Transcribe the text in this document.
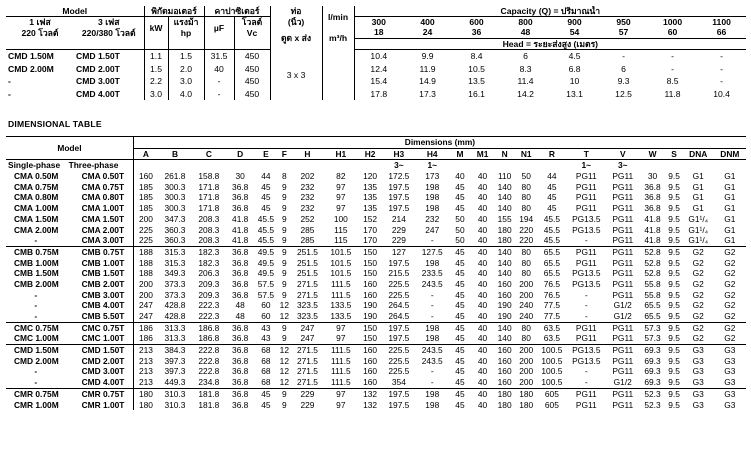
Model		พิกัดมอเตอร์		คาปาซิเตอร์		ท่อ	l/min	Capacity (Q) = ปริมาณน้ำ							
1 เฟส	3 เฟส	kW	แรงม้า	µF	โวลต์	(นิ้ว)		300	400	600	800	900	950	1000	1100
220 โวลต์	220/380 โวลต์		hp		Vc	ดูด x ส่ง	m³/h	18	24	36	48	54	57	60	66
								Head = ระยะส่งสูง (เมตร)							
CMD 1.50M	CMD 1.50T	1.1	1.5	31.5	450	3 x 3		10.4	9.9	8.4	6	4.5	-	-	-
CMD 2.00M	CMD 2.00T	1.5	2.0	40	450			12.4	11.9	10.5	8.3	6.8	6	-	-
-	CMD 3.00T	2.2	3.0	-	450			15.4	14.9	13.5	11.4	10	9.3	8.5	-
-	CMD 4.00T	3.0	4.0	-	450			17.8	17.3	16.1	14.2	13.1	12.5	11.8	10.4
DIMENSIONAL TABLE
Model		Dimensions (mm)																					
		A	B	C	D	E	F	H	H1	H2	H3	H4	M	M1	N	N1	R	T	V	W	S	DNA	DNM
Single-phase	Three-phase										3~	1~						1~	3~				
CMA 0.50M	CMA 0.50T	160	261.8	158.8	30	44	8	202	82	120	172.5	173	40	40	110	50	44	PG11	PG11	30	9.5	G1	G1
CMA 0.75M	CMA 0.75T	185	300.3	171.8	36.8	45	9	232	97	135	197.5	198	45	40	140	80	45	PG11	PG11	36.8	9.5	G1	G1
CMA 0.80M	CMA 0.80T	185	300.3	171.8	36.8	45	9	232	97	135	197.5	198	45	40	140	80	45	PG11	PG11	36.8	9.5	G1	G1
CMA 1.00M	CMA 1.00T	185	300.3	171.8	36.8	45	9	232	97	135	197.5	198	45	40	140	80	45	PG11	PG11	36.8	9.5	G1	G1
CMA 1.50M	CMA 1.50T	200	347.3	208.3	41.8	45.5	9	252	100	152	214	232	50	40	155	194	45.5	PG13.5	PG11	41.8	9.5	G1¹/₄	G1
CMA 2.00M	CMA 2.00T	225	360.3	208.3	41.8	45.5	9	285	115	170	229	247	50	40	180	220	45.5	PG13.5	PG11	41.8	9.5	G1¹/₄	G1
-	CMA 3.00T	225	360.3	208.3	41.8	45.5	9	285	115	170	229	-	50	40	180	220	45.5	-	PG11	41.8	9.5	G1¹/₄	G1
CMB 0.75M	CMB 0.75T	188	315.3	182.3	36.8	49.5	9	251.5	101.5	150	127	127.5	45	40	140	80	65.5	PG11	PG11	52.8	9.5	G2	G2
CMB 1.00M	CMB 1.00T	188	315.3	182.3	36.8	49.5	9	251.5	101.5	150	197.5	198	45	40	140	80	65.5	PG11	PG11	52.8	9.5	G2	G2
CMB 1.50M	CMB 1.50T	188	349.3	206.3	36.8	49.5	9	251.5	101.5	150	215.5	233.5	45	40	140	80	65.5	PG13.5	PG11	52.8	9.5	G2	G2
CMB 2.00M	CMB 2.00T	200	373.3	209.3	36.8	57.5	9	271.5	111.5	160	225.5	243.5	45	40	160	200	76.5	PG13.5	PG11	55.8	9.5	G2	G2
-	CMB 3.00T	200	373.3	209.3	36.8	57.5	9	271.5	111.5	160	225.5	-	45	40	160	200	76.5	-	PG11	55.8	9.5	G2	G2
-	CMB 4.00T	247	428.8	222.3	48	60	12	323.5	133.5	190	264.5	-	45	40	190	240	77.5	-	G1/2	65.5	9.5	G2	G2
-	CMB 5.50T	247	428.8	222.3	48	60	12	323.5	133.5	190	264.5	-	45	40	190	240	77.5	-	G1/2	65.5	9.5	G2	G2
CMC 0.75M	CMC 0.75T	186	313.3	186.8	36.8	43	9	247	97	150	197.5	198	45	40	140	80	63.5	PG11	PG11	57.3	9.5	G2	G2
CMC 1.00M	CMC 1.00T	186	313.3	186.8	36.8	43	9	247	97	150	197.5	198	45	40	140	80	63.5	PG11	PG11	57.3	9.5	G2	G2
CMD 1.50M	CMD 1.50T	213	384.3	222.8	36.8	68	12	271.5	111.5	160	225.5	243.5	45	40	160	200	100.5	PG13.5	PG11	69.3	9.5	G3	G3
CMD 2.00M	CMD 2.00T	213	397.3	222.8	36.8	68	12	271.5	111.5	160	225.5	243.5	45	40	160	200	100.5	PG13.5	PG11	69.3	9.5	G3	G3
-	CMD 3.00T	213	397.3	222.8	36.8	68	12	271.5	111.5	160	225.5	-	45	40	160	200	100.5	-	PG11	69.3	9.5	G3	G3
-	CMD 4.00T	213	449.3	234.8	36.8	68	12	271.5	111.5	160	354	-	45	40	160	200	100.5	-	G1/2	69.3	9.5	G3	G3
CMR 0.75M	CMR 0.75T	180	310.3	181.8	36.8	45	9	229	97	132	197.5	198	45	40	180	180	605	PG11	PG11	52.3	9.5	G3	G3
CMR 1.00M	CMR 1.00T	180	310.3	181.8	36.8	45	9	229	97	132	197.5	198	45	40	180	180	605	PG11	PG11	52.3	9.5	G3	G3
